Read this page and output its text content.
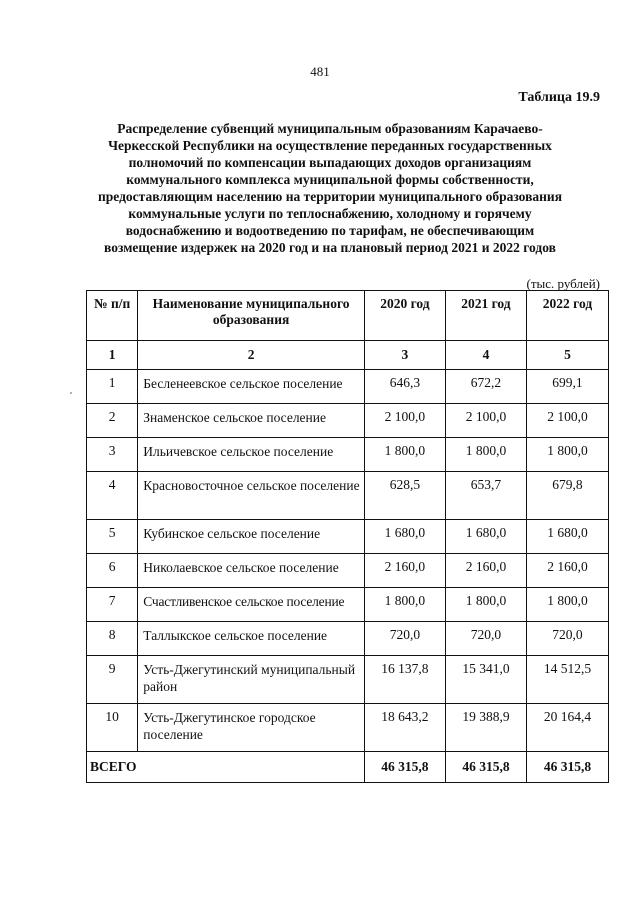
481
Таблица 19.9
Распределение субвенций муниципальным образованиям Карачаево-
Черкесской Республики на осуществление переданных государственных
полномочий по компенсации выпадающих доходов организациям
коммунального комплекса муниципальной формы собственности,
предоставляющим населению на территории муниципального образования
коммунальные услуги по теплоснабжению, холодному и горячему
водоснабжению и водоотведению по тарифам, не обеспечивающим
возмещение издержек на 2020 год и на плановый период 2021 и 2022 годов
(тыс. рублей)
№ п/п	Наименование муниципального образования	2020 год	2021 год	2022 год
1	2	3	4	5
1	Бесленеевское сельское поселение	646,3	672,2	699,1
2	Знаменское сельское поселение	2 100,0	2 100,0	2 100,0
3	Ильичевское сельское поселение	1 800,0	1 800,0	1 800,0
4	Красновосточное сельское поселение	628,5	653,7	679,8
5	Кубинское сельское поселение	1 680,0	1 680,0	1 680,0
6	Николаевское сельское поселение	2 160,0	2 160,0	2 160,0
7	Счастливенское сельское поселение	1 800,0	1 800,0	1 800,0
8	Таллыкское сельское поселение	720,0	720,0	720,0
9	Усть-Джегутинский муниципальный район	16 137,8	15 341,0	14 512,5
10	Усть-Джегутинское городское поселение	18 643,2	19 388,9	20 164,4
ВСЕГО		46 315,8	46 315,8	46 315,8
